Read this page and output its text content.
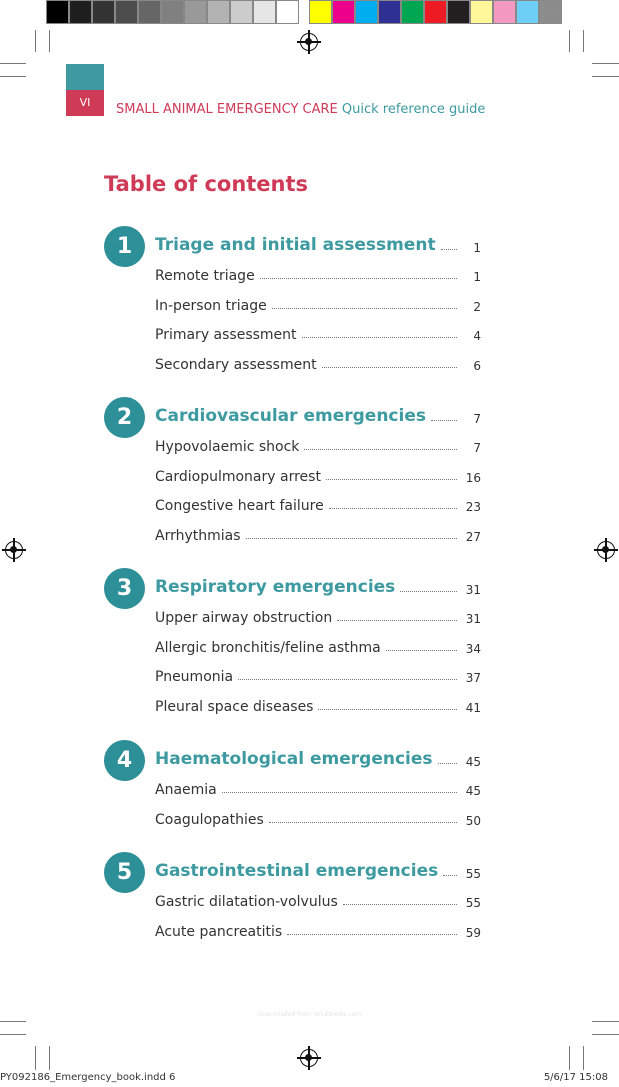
VI	SMALL ANIMAL EMERGENCY CARE Quick reference guide
Table of contents
1	Triage and initial assessment	1
Remote triage	1
In-person triage	2
Primary assessment	4
Secondary assessment	6
2	Cardiovascular emergencies	7
Hypovolaemic shock	7
Cardiopulmonary arrest	16
Congestive heart failure	23
Arrhythmias	27
3	Respiratory emergencies	31
Upper airway obstruction	31
Allergic bronchitis/feline asthma	34
Pneumonia	37
Pleural space diseases	41
4	Haematological emergencies	45
Anaemia	45
Coagulopathies	50
5	Gastrointestinal emergencies	55
Gastric dilatation-volvulus	55
Acute pancreatitis	59
Downloaded from Vet-Ebooks.com
PY092186_Emergency_book.indd 6	5/6/17 15:08
